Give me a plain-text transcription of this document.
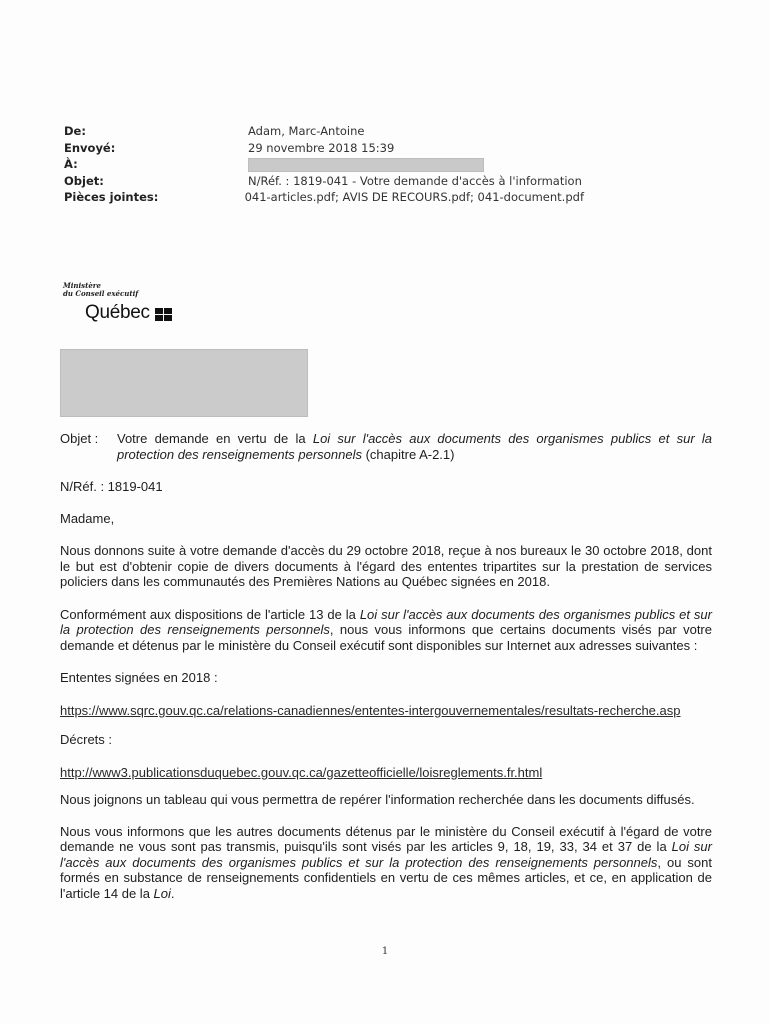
De:	Adam, Marc-Antoine
Envoyé:	29 novembre 2018 15:39
À:
Objet:	N/Réf. : 1819-041 - Votre demande d'accès à l'information
Pièces jointes:	041-articles.pdf; AVIS DE RECOURS.pdf; 041-document.pdf
Ministère
du Conseil exécutif
Québec
Objet :	Votre demande en vertu de la Loi sur l'accès aux documents des organismes publics et sur la protection des renseignements personnels (chapitre A-2.1)

N/Réf. : 1819-041

Madame,

Nous donnons suite à votre demande d'accès du 29 octobre 2018, reçue à nos bureaux le 30 octobre 2018, dont le but est d'obtenir copie de divers documents à l'égard des ententes tripartites sur la prestation de services policiers dans les communautés des Premières Nations au Québec signées en 2018.

Conformément aux dispositions de l'article 13 de la Loi sur l'accès aux documents des organismes publics et sur la protection des renseignements personnels, nous vous informons que certains documents visés par votre demande et détenus par le ministère du Conseil exécutif sont disponibles sur Internet aux adresses suivantes :

Ententes signées en 2018 :

https://www.sqrc.gouv.qc.ca/relations-canadiennes/ententes-intergouvernementales/resultats-recherche.asp

Décrets :

http://www3.publicationsduquebec.gouv.qc.ca/gazetteofficielle/loisreglements.fr.html

Nous joignons un tableau qui vous permettra de repérer l'information recherchée dans les documents diffusés.

Nous vous informons que les autres documents détenus par le ministère du Conseil exécutif à l'égard de votre demande ne vous sont pas transmis, puisqu'ils sont visés par les articles 9, 18, 19, 33, 34 et 37 de la Loi sur l'accès aux documents des organismes publics et sur la protection des renseignements personnels, ou sont formés en substance de renseignements confidentiels en vertu de ces mêmes articles, et ce, en application de l'article 14 de la Loi.

1
